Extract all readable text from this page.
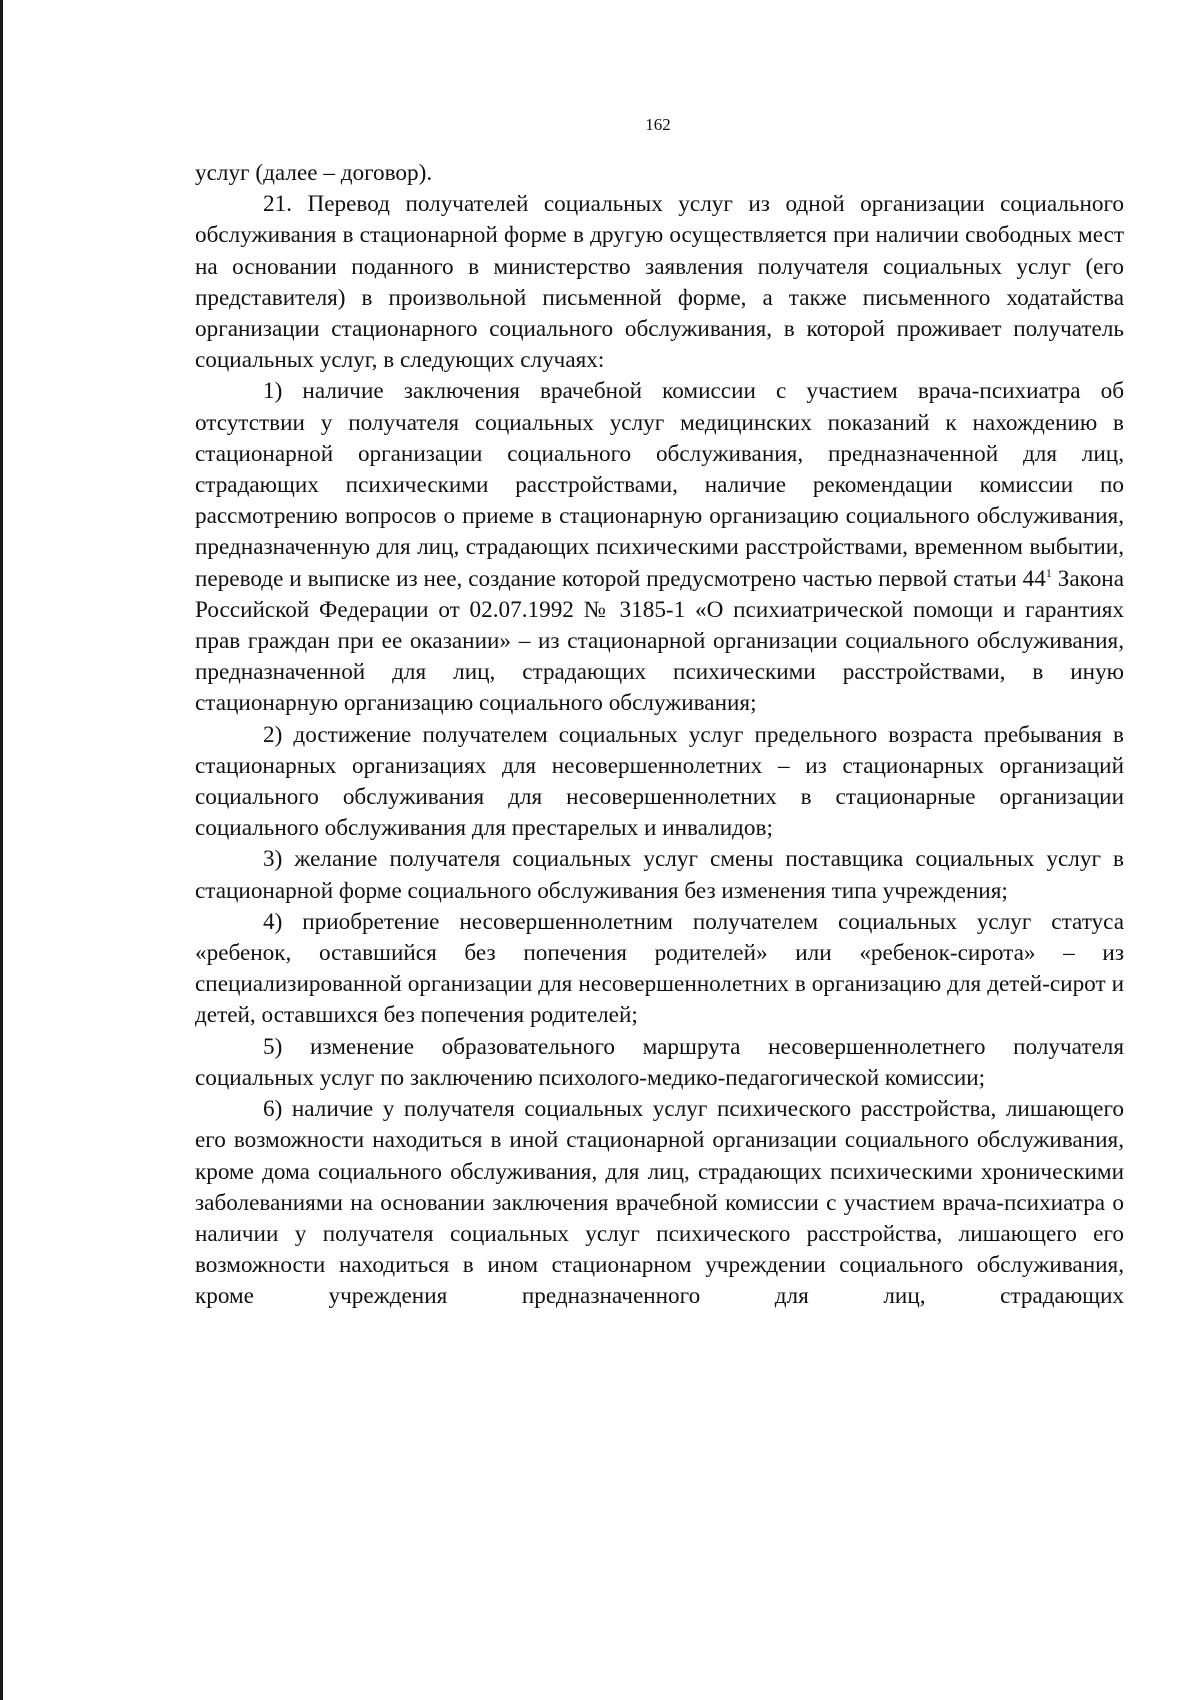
162

услуг (далее – договор).

21. Перевод получателей социальных услуг из одной организации социального обслуживания в стационарной форме в другую осуществляется при наличии свободных мест на основании поданного в министерство заявления получателя социальных услуг (его представителя) в произвольной письменной форме, а также письменного ходатайства организации стационарного социального обслуживания, в которой проживает получатель социальных услуг, в следующих случаях:

1) наличие заключения врачебной комиссии с участием врача-психиатра об отсутствии у получателя социальных услуг медицинских показаний к нахождению в стационарной организации социального обслуживания, предназначенной для лиц, страдающих психическими расстройствами, наличие рекомендации комиссии по рассмотрению вопросов о приеме в стационарную организацию социального обслуживания, предназначенную для лиц, страдающих психическими расстройствами, временном выбытии, переводе и выписке из нее, создание которой предусмотрено частью первой статьи $44^1$ Закона Российской Федерации от 02.07.1992 № 3185-1 «О психиатрической помощи и гарантиях прав граждан при ее оказании» – из стационарной организации социального обслуживания, предназначенной для лиц, страдающих психическими расстройствами, в иную стационарную организацию социального обслуживания;

2) достижение получателем социальных услуг предельного возраста пребывания в стационарных организациях для несовершеннолетних – из стационарных организаций социального обслуживания для несовершеннолетних в стационарные организации социального обслуживания для престарелых и инвалидов;

3) желание получателя социальных услуг смены поставщика социальных услуг в стационарной форме социального обслуживания без изменения типа учреждения;

4) приобретение несовершеннолетним получателем социальных услуг статуса «ребенок, оставшийся без попечения родителей» или «ребенок-сирота» – из специализированной организации для несовершеннолетних в организацию для детей-сирот и детей, оставшихся без попечения родителей;

5) изменение образовательного маршрута несовершеннолетнего получателя социальных услуг по заключению психолого-медико-педагогической комиссии;

6) наличие у получателя социальных услуг психического расстройства, лишающего его возможности находиться в иной стационарной организации социального обслуживания, кроме дома социального обслуживания, для лиц, страдающих психическими хроническими заболеваниями на основании заключения врачебной комиссии с участием врача-психиатра о наличии у получателя социальных услуг психического расстройства, лишающего его возможности находиться в ином стационарном учреждении социального обслуживания, кроме учреждения предназначенного для лиц, страдающих
